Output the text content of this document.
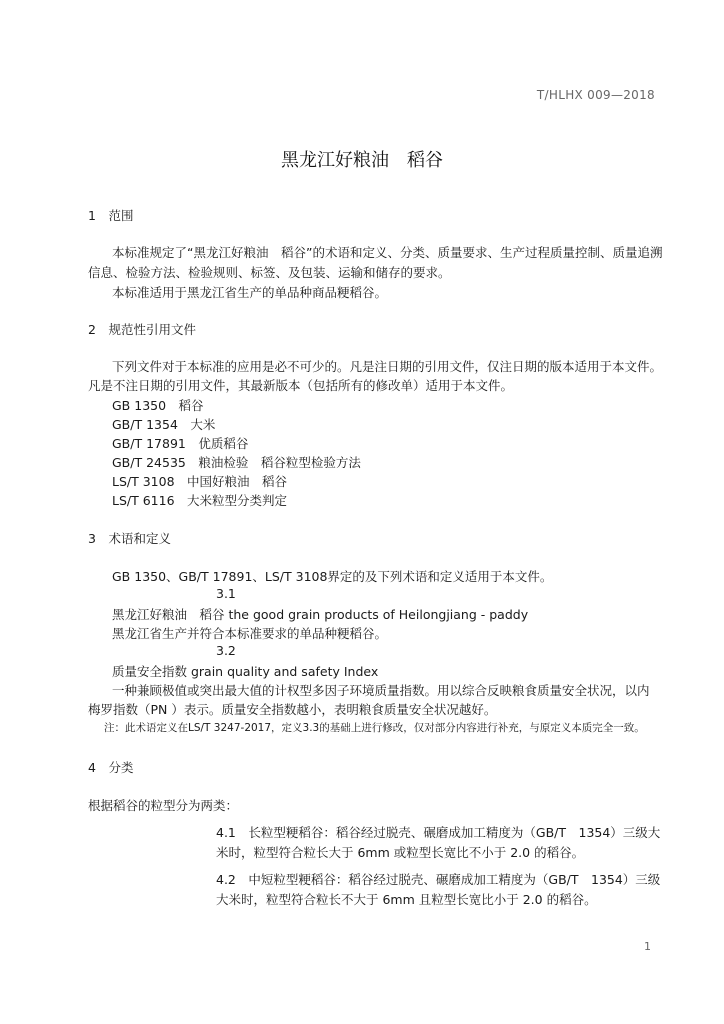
T/HLHX 009—2018
黑龙江好粮油　稻谷
1　范围
本标准规定了“黑龙江好粮油　稻谷”的术语和定义、分类、质量要求、生产过程质量控制、质量追溯
信息、检验方法、检验规则、标签、及包装、运输和储存的要求。
本标准适用于黑龙江省生产的单品种商品粳稻谷。
2　规范性引用文件
下列文件对于本标准的应用是必不可少的。凡是注日期的引用文件，仅注日期的版本适用于本文件。
凡是不注日期的引用文件，其最新版本（包括所有的修改单）适用于本文件。
GB 1350　稻谷
GB/T 1354　大米
GB/T 17891　优质稻谷
GB/T 24535　粮油检验　稻谷粒型检验方法
LS/T 3108　中国好粮油　稻谷
LS/T 6116　大米粒型分类判定
3　术语和定义
GB 1350、GB/T 17891、LS/T 3108界定的及下列术语和定义适用于本文件。
3.1
黑龙江好粮油　稻谷 the good grain products of Heilongjiang - paddy
黑龙江省生产并符合本标准要求的单品种粳稻谷。
3.2
质量安全指数 grain quality and safety Index
一种兼顾极值或突出最大值的计权型多因子环境质量指数。用以综合反映粮食质量安全状况，以内
梅罗指数（PN ）表示。质量安全指数越小，表明粮食质量安全状况越好。
注：此术语定义在LS/T 3247-2017，定义3.3的基础上进行修改，仅对部分内容进行补充，与原定义本质完全一致。
4　分类
根据稻谷的粒型分为两类：
4.1　长粒型粳稻谷：稻谷经过脱壳、碾磨成加工精度为（GB/T　1354）三级大
米时，粒型符合粒长大于 6mm 或粒型长宽比不小于 2.0 的稻谷。
4.2　中短粒型粳稻谷：稻谷经过脱壳、碾磨成加工精度为（GB/T　1354）三级
大米时，粒型符合粒长不大于 6mm 且粒型长宽比小于 2.0 的稻谷。
1
